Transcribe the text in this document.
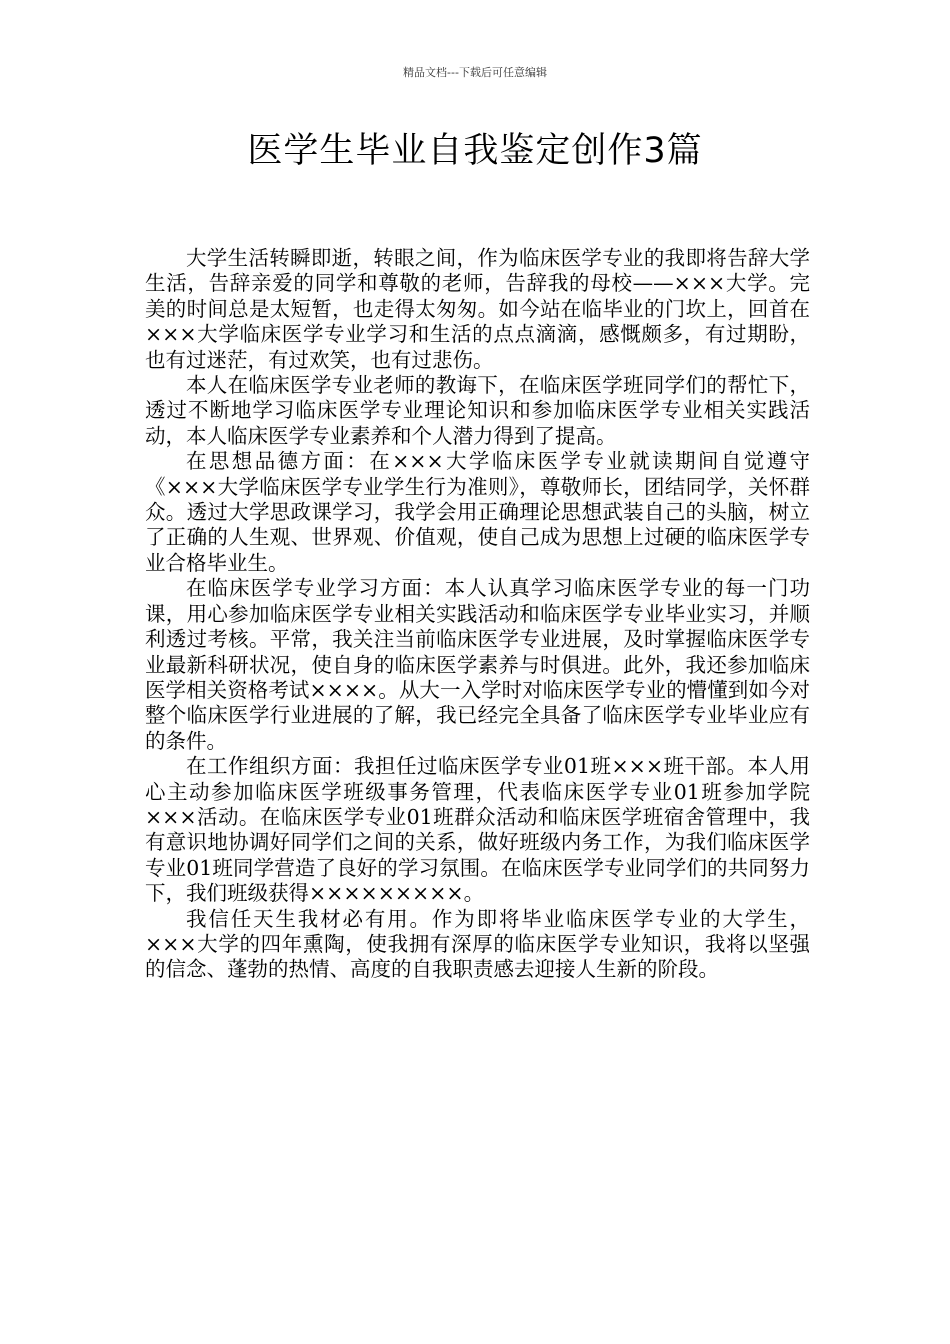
精品文档---下载后可任意编辑
医学生毕业自我鉴定创作3篇

大学生活转瞬即逝，转眼之间，作为临床医学专业的我即将告辞大学生活，告辞亲爱的同学和尊敬的老师，告辞我的母校——×××大学。完美的时间总是太短暂，也走得太匆匆。如今站在临毕业的门坎上，回首在×××大学临床医学专业学习和生活的点点滴滴，感慨颇多，有过期盼，也有过迷茫，有过欢笑，也有过悲伤。

本人在临床医学专业老师的教诲下，在临床医学班同学们的帮忙下，透过不断地学习临床医学专业理论知识和参加临床医学专业相关实践活动，本人临床医学专业素养和个人潜力得到了提高。

在思想品德方面：在×××大学临床医学专业就读期间自觉遵守《×××大学临床医学专业学生行为准则》，尊敬师长，团结同学，关怀群众。透过大学思政课学习，我学会用正确理论思想武装自己的头脑，树立了正确的人生观、世界观、价值观，使自己成为思想上过硬的临床医学专业合格毕业生。

在临床医学专业学习方面：本人认真学习临床医学专业的每一门功课，用心参加临床医学专业相关实践活动和临床医学专业毕业实习，并顺利透过考核。平常，我关注当前临床医学专业进展，及时掌握临床医学专业最新科研状况，使自身的临床医学素养与时俱进。此外，我还参加临床医学相关资格考试××××。从大一入学时对临床医学专业的懵懂到如今对整个临床医学行业进展的了解，我已经完全具备了临床医学专业毕业应有的条件。

在工作组织方面：我担任过临床医学专业01班×××班干部。本人用心主动参加临床医学班级事务管理，代表临床医学专业01班参加学院×××活动。在临床医学专业01班群众活动和临床医学班宿舍管理中，我有意识地协调好同学们之间的关系，做好班级内务工作，为我们临床医学专业01班同学营造了良好的学习氛围。在临床医学专业同学们的共同努力下，我们班级获得×××××××××。

我信任天生我材必有用。作为即将毕业临床医学专业的大学生，×××大学的四年熏陶，使我拥有深厚的临床医学专业知识，我将以坚强的信念、蓬勃的热情、高度的自我职责感去迎接人生新的阶段。
